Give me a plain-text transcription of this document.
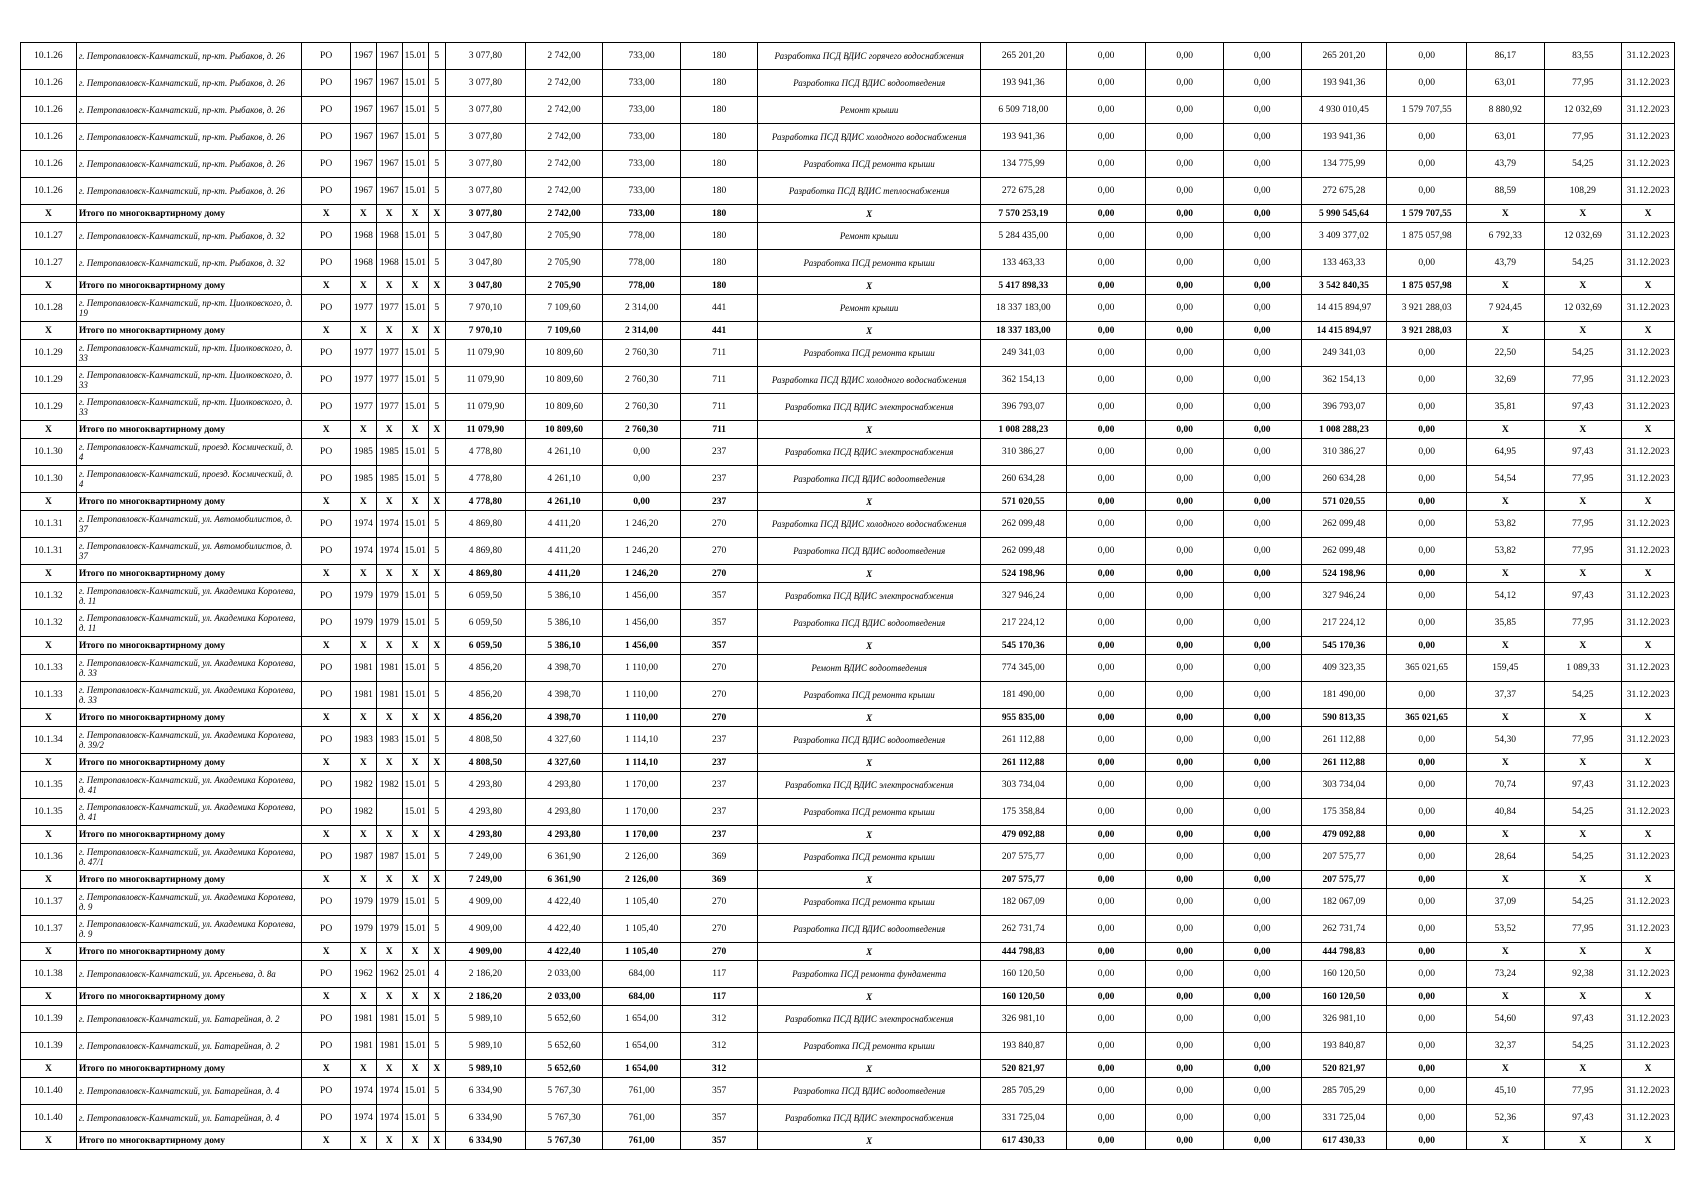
10.1.26	г. Петропавловск-Камчатский, пр-кт. Рыбаков, д. 26	РО	1967	1967	15.01	5	3 077,80	2 742,00	733,00	180	Разработка ПСД ВДИС горячего водоснабжения	265 201,20	0,00	0,00	0,00	265 201,20	0,00	86,17	83,55	31.12.2023
10.1.26	г. Петропавловск-Камчатский, пр-кт. Рыбаков, д. 26	РО	1967	1967	15.01	5	3 077,80	2 742,00	733,00	180	Разработка ПСД ВДИС водоотведения	193 941,36	0,00	0,00	0,00	193 941,36	0,00	63,01	77,95	31.12.2023
10.1.26	г. Петропавловск-Камчатский, пр-кт. Рыбаков, д. 26	РО	1967	1967	15.01	5	3 077,80	2 742,00	733,00	180	Ремонт крыши	6 509 718,00	0,00	0,00	0,00	4 930 010,45	1 579 707,55	8 880,92	12 032,69	31.12.2023
10.1.26	г. Петропавловск-Камчатский, пр-кт. Рыбаков, д. 26	РО	1967	1967	15.01	5	3 077,80	2 742,00	733,00	180	Разработка ПСД ВДИС холодного водоснабжения	193 941,36	0,00	0,00	0,00	193 941,36	0,00	63,01	77,95	31.12.2023
10.1.26	г. Петропавловск-Камчатский, пр-кт. Рыбаков, д. 26	РО	1967	1967	15.01	5	3 077,80	2 742,00	733,00	180	Разработка ПСД ремонта крыши	134 775,99	0,00	0,00	0,00	134 775,99	0,00	43,79	54,25	31.12.2023
10.1.26	г. Петропавловск-Камчатский, пр-кт. Рыбаков, д. 26	РО	1967	1967	15.01	5	3 077,80	2 742,00	733,00	180	Разработка ПСД ВДИС теплоснабжения	272 675,28	0,00	0,00	0,00	272 675,28	0,00	88,59	108,29	31.12.2023
X	Итого по многоквартирному дому	X	X	X	X	X	3 077,80	2 742,00	733,00	180	X	7 570 253,19	0,00	0,00	0,00	5 990 545,64	1 579 707,55	X	X	X
10.1.27	г. Петропавловск-Камчатский, пр-кт. Рыбаков, д. 32	РО	1968	1968	15.01	5	3 047,80	2 705,90	778,00	180	Ремонт крыши	5 284 435,00	0,00	0,00	0,00	3 409 377,02	1 875 057,98	6 792,33	12 032,69	31.12.2023
10.1.27	г. Петропавловск-Камчатский, пр-кт. Рыбаков, д. 32	РО	1968	1968	15.01	5	3 047,80	2 705,90	778,00	180	Разработка ПСД ремонта крыши	133 463,33	0,00	0,00	0,00	133 463,33	0,00	43,79	54,25	31.12.2023
X	Итого по многоквартирному дому	X	X	X	X	X	3 047,80	2 705,90	778,00	180	X	5 417 898,33	0,00	0,00	0,00	3 542 840,35	1 875 057,98	X	X	X
10.1.28	г. Петропавловск-Камчатский, пр-кт. Циолковского, д. 19	РО	1977	1977	15.01	5	7 970,10	7 109,60	2 314,00	441	Ремонт крыши	18 337 183,00	0,00	0,00	0,00	14 415 894,97	3 921 288,03	7 924,45	12 032,69	31.12.2023
X	Итого по многоквартирному дому	X	X	X	X	X	7 970,10	7 109,60	2 314,00	441	X	18 337 183,00	0,00	0,00	0,00	14 415 894,97	3 921 288,03	X	X	X
10.1.29	г. Петропавловск-Камчатский, пр-кт. Циолковского, д. 33	РО	1977	1977	15.01	5	11 079,90	10 809,60	2 760,30	711	Разработка ПСД ремонта крыши	249 341,03	0,00	0,00	0,00	249 341,03	0,00	22,50	54,25	31.12.2023
10.1.29	г. Петропавловск-Камчатский, пр-кт. Циолковского, д. 33	РО	1977	1977	15.01	5	11 079,90	10 809,60	2 760,30	711	Разработка ПСД ВДИС холодного водоснабжения	362 154,13	0,00	0,00	0,00	362 154,13	0,00	32,69	77,95	31.12.2023
10.1.29	г. Петропавловск-Камчатский, пр-кт. Циолковского, д. 33	РО	1977	1977	15.01	5	11 079,90	10 809,60	2 760,30	711	Разработка ПСД ВДИС электроснабжения	396 793,07	0,00	0,00	0,00	396 793,07	0,00	35,81	97,43	31.12.2023
X	Итого по многоквартирному дому	X	X	X	X	X	11 079,90	10 809,60	2 760,30	711	X	1 008 288,23	0,00	0,00	0,00	1 008 288,23	0,00	X	X	X
10.1.30	г. Петропавловск-Камчатский, проезд. Космический, д. 4	РО	1985	1985	15.01	5	4 778,80	4 261,10	0,00	237	Разработка ПСД ВДИС электроснабжения	310 386,27	0,00	0,00	0,00	310 386,27	0,00	64,95	97,43	31.12.2023
10.1.30	г. Петропавловск-Камчатский, проезд. Космический, д. 4	РО	1985	1985	15.01	5	4 778,80	4 261,10	0,00	237	Разработка ПСД ВДИС водоотведения	260 634,28	0,00	0,00	0,00	260 634,28	0,00	54,54	77,95	31.12.2023
X	Итого по многоквартирному дому	X	X	X	X	X	4 778,80	4 261,10	0,00	237	X	571 020,55	0,00	0,00	0,00	571 020,55	0,00	X	X	X
10.1.31	г. Петропавловск-Камчатский, ул. Автомобилистов, д. 37	РО	1974	1974	15.01	5	4 869,80	4 411,20	1 246,20	270	Разработка ПСД ВДИС холодного водоснабжения	262 099,48	0,00	0,00	0,00	262 099,48	0,00	53,82	77,95	31.12.2023
10.1.31	г. Петропавловск-Камчатский, ул. Автомобилистов, д. 37	РО	1974	1974	15.01	5	4 869,80	4 411,20	1 246,20	270	Разработка ПСД ВДИС водоотведения	262 099,48	0,00	0,00	0,00	262 099,48	0,00	53,82	77,95	31.12.2023
X	Итого по многоквартирному дому	X	X	X	X	X	4 869,80	4 411,20	1 246,20	270	X	524 198,96	0,00	0,00	0,00	524 198,96	0,00	X	X	X
10.1.32	г. Петропавловск-Камчатский, ул. Академика Королева, д. 11	РО	1979	1979	15.01	5	6 059,50	5 386,10	1 456,00	357	Разработка ПСД ВДИС электроснабжения	327 946,24	0,00	0,00	0,00	327 946,24	0,00	54,12	97,43	31.12.2023
10.1.32	г. Петропавловск-Камчатский, ул. Академика Королева, д. 11	РО	1979	1979	15.01	5	6 059,50	5 386,10	1 456,00	357	Разработка ПСД ВДИС водоотведения	217 224,12	0,00	0,00	0,00	217 224,12	0,00	35,85	77,95	31.12.2023
X	Итого по многоквартирному дому	X	X	X	X	X	6 059,50	5 386,10	1 456,00	357	X	545 170,36	0,00	0,00	0,00	545 170,36	0,00	X	X	X
10.1.33	г. Петропавловск-Камчатский, ул. Академика Королева, д. 33	РО	1981	1981	15.01	5	4 856,20	4 398,70	1 110,00	270	Ремонт ВДИС водоотведения	774 345,00	0,00	0,00	0,00	409 323,35	365 021,65	159,45	1 089,33	31.12.2023
10.1.33	г. Петропавловск-Камчатский, ул. Академика Королева, д. 33	РО	1981	1981	15.01	5	4 856,20	4 398,70	1 110,00	270	Разработка ПСД ремонта крыши	181 490,00	0,00	0,00	0,00	181 490,00	0,00	37,37	54,25	31.12.2023
X	Итого по многоквартирному дому	X	X	X	X	X	4 856,20	4 398,70	1 110,00	270	X	955 835,00	0,00	0,00	0,00	590 813,35	365 021,65	X	X	X
10.1.34	г. Петропавловск-Камчатский, ул. Академика Королева, д. 39/2	РО	1983	1983	15.01	5	4 808,50	4 327,60	1 114,10	237	Разработка ПСД ВДИС водоотведения	261 112,88	0,00	0,00	0,00	261 112,88	0,00	54,30	77,95	31.12.2023
X	Итого по многоквартирному дому	X	X	X	X	X	4 808,50	4 327,60	1 114,10	237	X	261 112,88	0,00	0,00	0,00	261 112,88	0,00	X	X	X
10.1.35	г. Петропавловск-Камчатский, ул. Академика Королева, д. 41	РО	1982	1982	15.01	5	4 293,80	4 293,80	1 170,00	237	Разработка ПСД ВДИС электроснабжения	303 734,04	0,00	0,00	0,00	303 734,04	0,00	70,74	97,43	31.12.2023
10.1.35	г. Петропавловск-Камчатский, ул. Академика Королева, д. 41	РО	1982		15.01	5	4 293,80	4 293,80	1 170,00	237	Разработка ПСД ремонта крыши	175 358,84	0,00	0,00	0,00	175 358,84	0,00	40,84	54,25	31.12.2023
X	Итого по многоквартирному дому	X	X	X	X	X	4 293,80	4 293,80	1 170,00	237	X	479 092,88	0,00	0,00	0,00	479 092,88	0,00	X	X	X
10.1.36	г. Петропавловск-Камчатский, ул. Академика Королева, д. 47/1	РО	1987	1987	15.01	5	7 249,00	6 361,90	2 126,00	369	Разработка ПСД ремонта крыши	207 575,77	0,00	0,00	0,00	207 575,77	0,00	28,64	54,25	31.12.2023
X	Итого по многоквартирному дому	X	X	X	X	X	7 249,00	6 361,90	2 126,00	369	X	207 575,77	0,00	0,00	0,00	207 575,77	0,00	X	X	X
10.1.37	г. Петропавловск-Камчатский, ул. Академика Королева, д. 9	РО	1979	1979	15.01	5	4 909,00	4 422,40	1 105,40	270	Разработка ПСД ремонта крыши	182 067,09	0,00	0,00	0,00	182 067,09	0,00	37,09	54,25	31.12.2023
10.1.37	г. Петропавловск-Камчатский, ул. Академика Королева, д. 9	РО	1979	1979	15.01	5	4 909,00	4 422,40	1 105,40	270	Разработка ПСД ВДИС водоотведения	262 731,74	0,00	0,00	0,00	262 731,74	0,00	53,52	77,95	31.12.2023
X	Итого по многоквартирному дому	X	X	X	X	X	4 909,00	4 422,40	1 105,40	270	X	444 798,83	0,00	0,00	0,00	444 798,83	0,00	X	X	X
10.1.38	г. Петропавловск-Камчатский, ул. Арсеньева, д. 8а	РО	1962	1962	25.01	4	2 186,20	2 033,00	684,00	117	Разработка ПСД ремонта фундамента	160 120,50	0,00	0,00	0,00	160 120,50	0,00	73,24	92,38	31.12.2023
X	Итого по многоквартирному дому	X	X	X	X	X	2 186,20	2 033,00	684,00	117	X	160 120,50	0,00	0,00	0,00	160 120,50	0,00	X	X	X
10.1.39	г. Петропавловск-Камчатский, ул. Батарейная, д. 2	РО	1981	1981	15.01	5	5 989,10	5 652,60	1 654,00	312	Разработка ПСД ВДИС электроснабжения	326 981,10	0,00	0,00	0,00	326 981,10	0,00	54,60	97,43	31.12.2023
10.1.39	г. Петропавловск-Камчатский, ул. Батарейная, д. 2	РО	1981	1981	15.01	5	5 989,10	5 652,60	1 654,00	312	Разработка ПСД ремонта крыши	193 840,87	0,00	0,00	0,00	193 840,87	0,00	32,37	54,25	31.12.2023
X	Итого по многоквартирному дому	X	X	X	X	X	5 989,10	5 652,60	1 654,00	312	X	520 821,97	0,00	0,00	0,00	520 821,97	0,00	X	X	X
10.1.40	г. Петропавловск-Камчатский, ул. Батарейная, д. 4	РО	1974	1974	15.01	5	6 334,90	5 767,30	761,00	357	Разработка ПСД ВДИС водоотведения	285 705,29	0,00	0,00	0,00	285 705,29	0,00	45,10	77,95	31.12.2023
10.1.40	г. Петропавловск-Камчатский, ул. Батарейная, д. 4	РО	1974	1974	15.01	5	6 334,90	5 767,30	761,00	357	Разработка ПСД ВДИС электроснабжения	331 725,04	0,00	0,00	0,00	331 725,04	0,00	52,36	97,43	31.12.2023
X	Итого по многоквартирному дому	X	X	X	X	X	6 334,90	5 767,30	761,00	357	X	617 430,33	0,00	0,00	0,00	617 430,33	0,00	X	X	X
